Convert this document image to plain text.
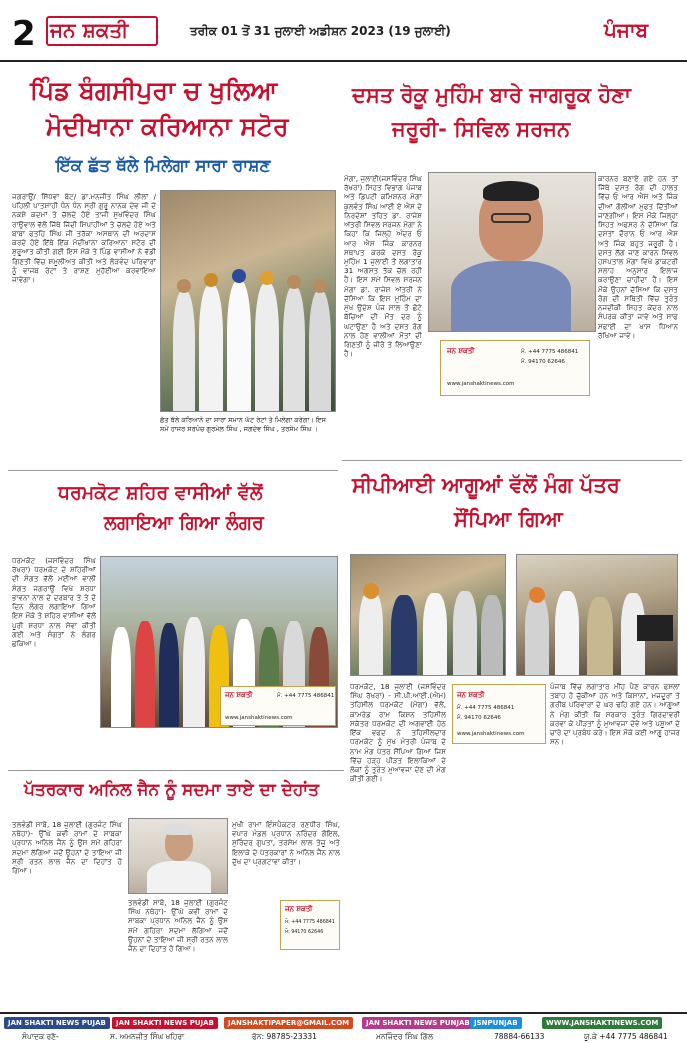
2 ਜਨ ਸ਼ਕਤੀ	ਤਰੀਕ 01 ਤੋਂ 31 ਜੁਲਾਈ ਅਡੀਸ਼ਨ 2023 (19 ਜੁਲਾਈ)	ਪੰਜਾਬ
ਪਿੰਡ ਬੰਗਸੀਪੁਰਾ ਚ ਖੁਲਿਆ
ਮੋਦੀਖਾਨਾ ਕਰਿਆਨਾ ਸਟੋਰ
ਇੱਕ ਛੱਤ ਥੱਲੇ ਮਿਲੇਗਾ ਸਾਰਾ ਰਾਸ਼ਣ
ਜਗਰਾਉਂ/ ਸਿੱਧਵਾਂ ਬੇਟ/ ਡਾ.ਮਨਜੀਤ ਸਿੰਘ ਲੀਲਾਂ / ਪਹਿਲੀ ਪਾਤਸ਼ਾਹੀ ਧੰਨ ਧੰਨ ਸ੍ਰੀ ਗੁਰੂ ਨਾਨਕ ਦੇਵ ਜੀ ਦੇ ਨਕਸ਼ੇ ਕਦਮਾਂ ਤੇ ਚੱਲਦੇ ਹੋਏ ਤਾਜੀ ਸੁਖਵਿੰਦਰ ਸਿੰਘ ਰਾਉਵਾਲ ਵੱਲੋਂ ਜਿੱਥੇ ਜਿੱਦੀ ਸਿਪਾਹੀਆਂ ਤੇ ਚੱਲਦੇ ਹੋਏ ਅਤੇ ਬਾਬਾ ਫਤਹਿ ਸਿੰਘ ਜੀ ਤਰੱਕਾ ਅਸਥਾਨ ਦੀ ਅਰਦਾਸ ਕਰਦੇ ਹੋਏ ਇੱਥੇ ਇੱਕ ਮੋਦੀਖਾਨਾ ਕਰਿਆਨਾ ਸਟੋਰ ਦੀ ਸ਼ੁਰੂਆਤ ਕੀਤੀ ਗਈ ਇਸ ਮੌਕੇ ਤੇ ਪਿੰਡ ਵਾਸੀਆਂ ਨੇ ਵੱਡੀ ਗਿਣਤੀ ਵਿੱਚ ਸ਼ਮੂਲੀਅਤ ਕੀਤੀ ਅਤੇ ਲੋੜਵੰਦ ਪਰਿਵਾਰਾਂ ਨੂੰ ਵਾਜਬ ਰੇਟਾਂ ਤੇ ਰਾਸ਼ਣ ਮੁਹੱਈਆ ਕਰਵਾਇਆ ਜਾਵੇਗਾ।
ਛੱਤ ਥੱਲੇ ਕਰਿਆਨੇ ਦਾ ਸਾਰਾ ਸਮਾਨ ਘੱਟ ਰੇਟਾਂ ਤੇ ਮਿਲੇਗਾ ਕਰੇਗਾ। ਇਸ ਸਮੇਂ ਹਾਜਰ ਸਰਪੰਚ ਗੁਰਮੇਲ ਸਿੰਘ , ਜਗਦੇਵ ਸਿੰਘ , ਤਰਸੇਮ ਸਿੰਘ ।
ਦਸਤ ਰੋਕੂ ਮੁਹਿੰਮ ਬਾਰੇ ਜਾਗਰੂਕ ਹੋਣਾ
ਜਰੂਰੀ- ਸਿਵਿਲ ਸਰਜਨ
ਮੋਗਾ, ਜੁਲਾਈ(ਜਸਵਿੰਦਰ ਸਿੰਘ ਰੱਖਰਾ) ਸਿਹਤ ਵਿਭਾਗ ਪੰਜਾਬ ਅਤੇ ਡਿਪਟੀ ਕਮਿਸ਼ਨਰ ਮੋਗਾ ਕੁਲਵੰਤ ਸਿੰਘ ਆਈ ਏ ਐਸ ਦੇ ਨਿਰਦੇਸ਼ਾਂ ਤਹਿਤ ਡਾ. ਰਾਜੇਸ਼ ਅੱਤਰੀ ਸਿਵਲ ਸਰਜਨ ਮੋਗਾ ਨੇ ਕਿਹਾ ਕਿ ਜਿਲ੍ਹੇ ਅੰਦਰ ਓ ਆਰ ਐਸ ਜਿੰਕ ਕਾਰਨਰ ਸਥਾਪਤ ਕਰਕੇ ਦਸਤ ਰੋਕੂ ਮੁਹਿੰਮ 1 ਜੁਲਾਈ ਤੋਂ ਲਗਾਤਾਰ 31 ਅਗਸਤ ਤੱਕ ਚੱਲ ਰਹੀ ਹੈ। ਇਸ ਸਮੇਂ ਸਿਵਲ ਸਰਜਨ ਮੋਗਾ ਡਾ. ਰਾਜੇਸ਼ ਅੱਤਰੀ ਨੇ ਦੱਸਿਆ ਕਿ ਇਸ ਮੁਹਿੰਮ ਦਾ ਮੁੱਖ ਉਦੇਸ਼ ਪੰਜ ਸਾਲ ਤੋਂ ਛੋਟੇ ਬੱਚਿਆਂ ਦੀ ਮੌਤ ਦਰ ਨੂੰ ਘਟਾਉਣਾ ਹੈ ਅਤੇ ਦਸਤ ਰੋਗ ਨਾਲ ਹੋਣ ਵਾਲੀਆਂ ਮੌਤਾਂ ਦੀ ਗਿਣਤੀ ਨੂੰ ਜੀਰੋ ਤੇ ਲਿਆਉਣਾ ਹੈ।	ਜਨ ਸ਼ਕਤੀ	ਮੋ. +44 7775 486841
ਮੋ. 94170 62646
www.janshaktinews.com
ਕਾਰਨਰ ਬਣਾਏ ਗਏ ਹਨ ਤਾਂ ਜਿੱਥੇ ਦਸਤ ਰੋਗ ਦੀ ਹਾਲਤ ਵਿੱਚ ਓ ਆਰ ਐਸ ਅਤੇ ਜਿੰਕ ਦੀਆਂ ਗੋਲੀਆਂ ਮੁਫਤ ਦਿੱਤੀਆਂ ਜਾਣਗੀਆਂ। ਇਸ ਮੌਕੇ ਜਿਲ੍ਹਾ ਸਿਹਤ ਅਫਸਰ ਨੇ ਦੱਸਿਆ ਕਿ ਦਸਤਾਂ ਦੌਰਾਨ ਓ ਆਰ ਐਸ ਅਤੇ ਜਿੰਕ ਬਹੁਤ ਜਰੂਰੀ ਹੈ। ਦਸਤ ਲੱਗ ਜਾਣ ਕਾਰਨ ਸਿਵਲ ਹਸਪਤਾਲ ਮੋਗਾ ਵਿਖੇ ਡਾਕਟਰੀ ਸਲਾਹ ਅਨੁਸਾਰ ਇਲਾਜ ਕਰਾਉਣਾ ਚਾਹੀਦਾ ਹੈ। ਇਸ ਮੌਕੇ ਉਹਨਾਂ ਦੱਸਿਆ ਕਿ ਦਸਤ ਰੋਗ ਦੀ ਸਥਿਤੀ ਵਿੱਚ ਤੁਰੰਤ ਨਜਦੀਕੀ ਸਿਹਤ ਕੇਂਦਰ ਨਾਲ ਸੰਪਰਕ ਕੀਤਾ ਜਾਵੇ ਅਤੇ ਸਾਫ ਸਫਾਈ ਦਾ ਖਾਸ ਧਿਆਨ ਰੱਖਿਆ ਜਾਵੇ।
ਧਰਮਕੋਟ ਸ਼ਹਿਰ ਵਾਸੀਆਂ ਵੱਲੋਂ
ਲਗਾਇਆ ਗਿਆ ਲੰਗਰ
ਧਰਮਕੋਟ (ਜਸਵਿੰਦਰ ਸਿੰਘ ਰੱਖਰਾ) ਧਰਮਕੋਟ ਦੇ ਸ਼ਹਿਰੀਆਂ ਦੀ ਸੰਗਤ ਵੱਲੋਂ ਮਈਆਂ ਵਾਲੀ ਸੰਗਤ ਜਗਰਾਉਂ ਵਿਖੇ ਸ਼ਰਧਾ ਭਾਵਨਾ ਨਾਲ ਦੇ ਦਰਬਾਰ ਤੇ ਤੇ ਦੋ ਦਿਨ ਲੰਗਰ ਲਗਾਇਆ ਗਿਆ ਇਸ ਮੌਕੇ ਤੇ ਸ਼ਹਿਰ ਵਾਸੀਆਂ ਵੱਲੋਂ ਪੂਰੀ ਸ਼ਰਧਾ ਨਾਲ ਸੇਵਾ ਕੀਤੀ ਗਈ ਅਤੇ ਸੰਗਤਾਂ ਨੇ ਲੰਗਰ ਛਕਿਆ।
ਜਨ ਸ਼ਕਤੀ	ਮੋ. +44 7775 486841
www.janshaktinews.com
ਸੀਪੀਆਈ ਆਗੂਆਂ ਵੱਲੋਂ ਮੰਗ ਪੱਤਰ
ਸੌਂਪਿਆ ਗਿਆ
ਧਰਮਕੋਟ, 18 ਜੁਲਾਈ (ਜਸਵਿੰਦਰ ਸਿੰਘ ਰੱਖਰਾ) - ਸੀ.ਪੀ.ਆਈ.(ਐਮ) ਤਹਿਸੀਲ ਧਰਮਕੋਟ (ਮੋਗਾ) ਵੱਲੋਂ, ਕਾਮਰੇਡ ਰਾਮ ਕਿਸ਼ਨ ਤਹਿਸੀਲ ਸਕੱਤਰ ਧਰਮਕੋਟ ਦੀ ਅਗਵਾਈ ਹੇਠ ਇੱਕ ਵਫਦ ਨੇ ਤਹਿਸੀਲਦਾਰ ਧਰਮਕੋਟ ਨੂੰ ਮੁੱਖ ਮੰਤਰੀ ਪੰਜਾਬ ਦੇ ਨਾਮ ਮੰਗ ਪੱਤਰ ਸੌਂਪਿਆ ਗਿਆ ਜਿਸ ਵਿੱਚ ਹੜ੍ਹ ਪੀੜਤ ਇਲਾਕਿਆਂ ਦੇ ਲੋਕਾਂ ਨੂੰ ਤੁਰੰਤ ਮੁਆਵਜਾ ਦੇਣ ਦੀ ਮੰਗ ਕੀਤੀ ਗਈ।
ਜਨ ਸ਼ਕਤੀ
ਮੋ. +44 7775 486841
ਮੋ. 94170 62646
www.janshaktinews.com
ਪੰਜਾਬ ਵਿੱਚ ਲਗਾਤਾਰ ਮੀਂਹ ਪੈਣ ਕਾਰਨ ਫਸਲਾਂ ਤਬਾਹ ਹੋ ਚੁੱਕੀਆਂ ਹਨ ਅਤੇ ਕਿਸਾਨਾਂ, ਮਜਦੂਰਾਂ ਤੇ ਗਰੀਬ ਪਰਿਵਾਰਾਂ ਦੇ ਘਰ ਢਹਿ ਗਏ ਹਨ। ਆਗੂਆਂ ਨੇ ਮੰਗ ਕੀਤੀ ਕਿ ਸਰਕਾਰ ਤੁਰੰਤ ਗਿਰਦਾਵਰੀ ਕਰਵਾ ਕੇ ਪੀੜਤਾਂ ਨੂੰ ਮੁਆਵਜਾ ਦੇਵੇ ਅਤੇ ਪਸ਼ੂਆਂ ਦੇ ਚਾਰੇ ਦਾ ਪ੍ਰਬੰਧ ਕਰੇ। ਇਸ ਮੌਕੇ ਕਈ ਆਗੂ ਹਾਜਰ ਸਨ।
ਪੱਤਰਕਾਰ ਅਨਿਲ ਜੈਨ ਨੂੰ ਸਦਮਾ ਤਾਏ ਦਾ ਦੇਹਾਂਤ
ਤਲਵੰਡੀ ਸਾਬੋ, 18 ਜੁਲਾਈ (ਗੁਰਜੰਟ ਸਿੰਘ ਨਥੇਹਾ)- ਉੱਘੇ ਕਵੀ ਰਾਮਾਂ ਦੇ ਸਾਬਕਾ ਪ੍ਰਧਾਨ ਅਨਿਲ ਜੈਨ ਨੂੰ ਉਸ ਸਮੇਂ ਗਹਿਰਾ ਸਦਮਾ ਲੱਗਿਆ ਜਦੋਂ ਉਹਨਾਂ ਦੇ ਤਾਇਆ ਜੀ ਸ੍ਰੀ ਰਤਨ ਲਾਲ ਜੈਨ ਦਾ ਦਿਹਾਂਤ ਹੋ ਗਿਆ।
ਤਲਵੰਡੀ ਸਾਬੋ, 18 ਜੁਲਾਈ (ਗੁਰਜੰਟ ਸਿੰਘ ਨਥੇਹਾ)- ਉੱਘੇ ਕਵੀ ਰਾਮਾਂ ਦੇ ਸਾਬਕਾ ਪ੍ਰਧਾਨ ਅਨਿਲ ਜੈਨ ਨੂੰ ਉਸ ਸਮੇਂ ਗਹਿਰਾ ਸਦਮਾ ਲੱਗਿਆ ਜਦੋਂ ਉਹਨਾਂ ਦੇ ਤਾਇਆ ਜੀ ਸ੍ਰੀ ਰਤਨ ਲਾਲ ਜੈਨ ਦਾ ਦਿਹਾਂਤ ਹੋ ਗਿਆ।
ਮੁਖੀ ਰਾਮਾਂ ਇੰਸਪੈਕਟਰ ਰਣਧੀਰ ਸਿੰਘ, ਵਪਾਰ ਮੰਡਲ ਪ੍ਰਧਾਨ ਨਰਿੰਦਰ ਗੋਇਲ, ਸੁਰਿੰਦਰ ਗੁਪਤਾ, ਤਰਸੇਮ ਲਾਲ ਤੇਜੂ ਅਤੇ ਇਲਾਕੇ ਦੇ ਪੱਤਰਕਾਰਾਂ ਨੇ ਅਨਿਲ ਜੈਨ ਨਾਲ ਦੁੱਖ ਦਾ ਪ੍ਰਗਟਾਵਾ ਕੀਤਾ।
ਜਨ ਸ਼ਕਤੀ
ਮੋ. +44 7775 486841
ਮੋ. 94170 62646
JAN SHAKTI NEWS PUJAB	JAN SHAKTI NEWS PUJAB	JANSHAKTIPAPER@GMAIL.COM	JAN SHAKTI NEWS PUNJAB JSNPUNJAB	WWW.JANSHAKTINEWS.COM
ਸੰਪਾਦਕ ਰਣੋ-	ਸ. ਅਮਨਜੀਤ ਸਿੰਘ ਖਹਿਰਾ	ਫੋਨ: 98785-23331	ਮਨਜਿੰਦਰ ਸਿੰਘ ਗਿੱਲ	78884-66133	ਯੂ.ਕੇ +44 7775 486841
